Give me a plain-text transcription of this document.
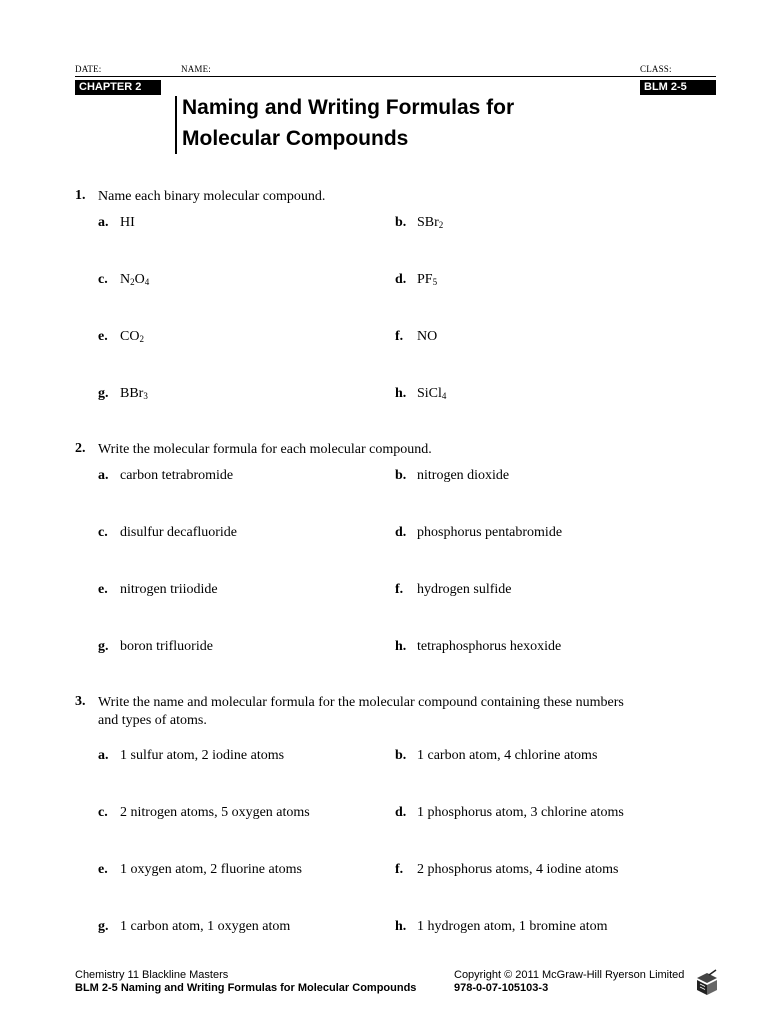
DATE:	NAME:	CLASS:
CHAPTER 2	BLM 2-5
Naming and Writing Formulas for
Molecular Compounds
1. Name each binary molecular compound.
a. HI	b. SBr$_2$
c. $N_2O_4$	d. $PF_5$
e. $CO_2$	f. NO
g. BBr$_3$	h. SiCl$_4$
2. Write the molecular formula for each molecular compound.
a. carbon tetrabromide	b. nitrogen dioxide
c. disulfur decafluoride	d. phosphorus pentabromide
e. nitrogen triiodide	f. hydrogen sulfide
g. boron trifluoride	h. tetraphosphorus hexoxide
3. Write the name and molecular formula for the molecular compound containing these numbers
and types of atoms.
a. 1 sulfur atom, 2 iodine atoms	b. 1 carbon atom, 4 chlorine atoms
c. 2 nitrogen atoms, 5 oxygen atoms	d. 1 phosphorus atom, 3 chlorine atoms
e. 1 oxygen atom, 2 fluorine atoms	f. 2 phosphorus atoms, 4 iodine atoms
g. 1 carbon atom, 1 oxygen atom	h. 1 hydrogen atom, 1 bromine atom
Chemistry 11 Blackline Masters
BLM 2-5 Naming and Writing Formulas for Molecular Compounds
Copyright © 2011 McGraw-Hill Ryerson Limited
978-0-07-105103-3
